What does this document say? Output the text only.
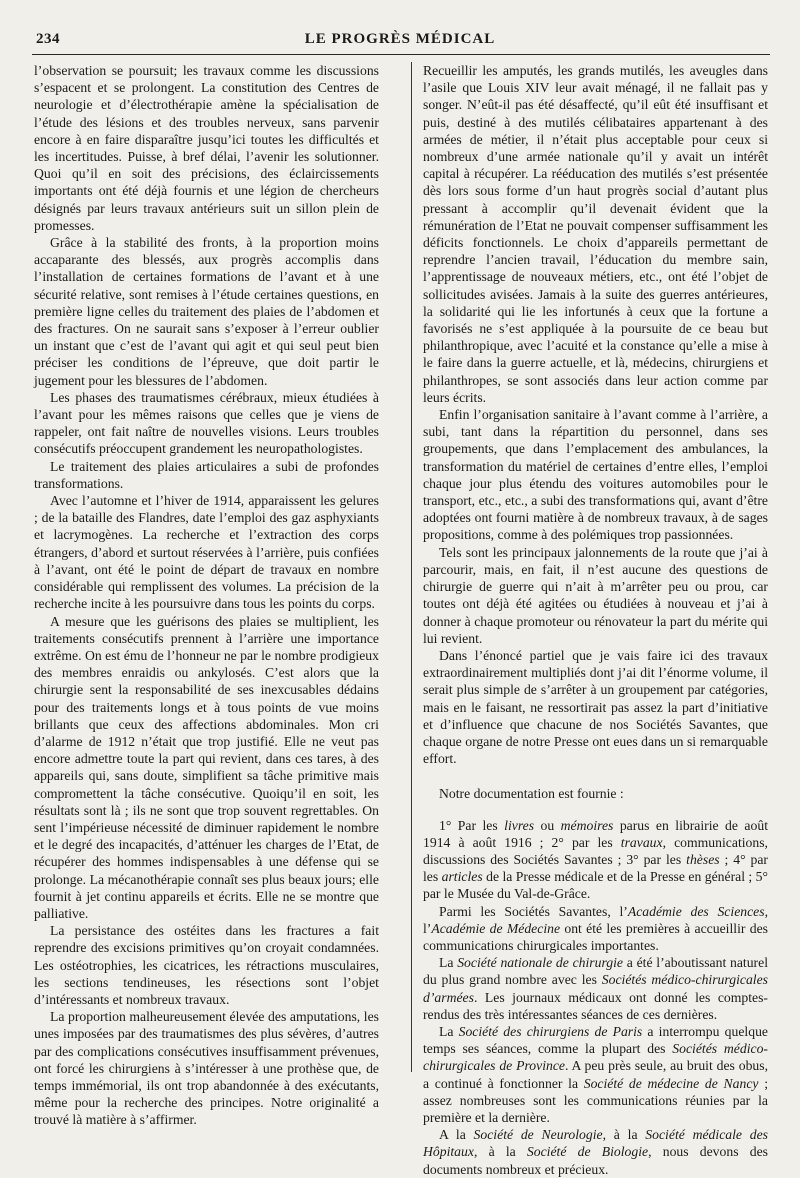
234	LE PROGRÈS MÉDICAL

l’observation se poursuit; les travaux comme les discussions s’espacent et se prolongent. La constitution des Centres de neurologie et d’électrothérapie amène la spécialisation de l’étude des lésions et des troubles nerveux, sans parvenir encore à en faire disparaître jusqu’ici toutes les difficultés et les incertitudes. Puisse, à bref délai, l’avenir les solutionner. Quoi qu’il en soit des précisions, des éclaircissements importants ont été déjà fournis et une légion de chercheurs désignés par leurs travaux antérieurs suit un sillon plein de promesses.

Grâce à la stabilité des fronts, à la proportion moins accaparante des blessés, aux progrès accomplis dans l’installation de certaines formations de l’avant et à une sécurité relative, sont remises à l’étude certaines questions, en première ligne celles du traitement des plaies de l’abdomen et des fractures. On ne saurait sans s’exposer à l’erreur oublier un instant que c’est de l’avant qui agit et qui seul peut bien préciser les conditions de l’épreuve, que doit partir le jugement pour les blessures de l’abdomen.

Les phases des traumatismes cérébraux, mieux étudiées à l’avant pour les mêmes raisons que celles que je viens de rappeler, ont fait naître de nouvelles visions. Leurs troubles consécutifs préoccupent grandement les neuropathologistes.

Le traitement des plaies articulaires a subi de profondes transformations.

Avec l’automne et l’hiver de 1914, apparaissent les gelures ; de la bataille des Flandres, date l’emploi des gaz asphyxiants et lacrymogènes. La recherche et l’extraction des corps étrangers, d’abord et surtout réservées à l’arrière, puis confiées à l’avant, ont été le point de départ de travaux en nombre considérable qui remplissent des volumes. La précision de la recherche incite à les poursuivre dans tous les points du corps.

A mesure que les guérisons des plaies se multiplient, les traitements consécutifs prennent à l’arrière une importance extrême. On est ému de l’honneur ne par le nombre prodigieux des membres enraidis ou ankylosés. C’est alors que la chirurgie sent la responsabilité de ses inexcusables dédains pour des traitements longs et à tous points de vue moins brillants que ceux des affections abdominales. Mon cri d’alarme de 1912 n’était que trop justifié. Elle ne veut pas encore admettre toute la part qui revient, dans ces tares, à des appareils qui, sans doute, simplifient sa tâche primitive mais compromettent la tâche consécutive. Quoiqu’il en soit, les résultats sont là ; ils ne sont que trop souvent regrettables. On sent l’impérieuse nécessité de diminuer rapidement le nombre et le degré des incapacités, d’atténuer les charges de l’Etat, de récupérer des hommes indispensables à une défense qui se prolonge. La mécanothérapie connaît ses plus beaux jours; elle fournit à jet continu appareils et écrits. Elle ne se montre que palliative.

La persistance des ostéites dans les fractures a fait reprendre des excisions primitives qu’on croyait condamnées. Les ostéotrophies, les cicatrices, les rétractions musculaires, les sections tendineuses, les résections sont l’objet d’intéressants et nombreux travaux.

La proportion malheureusement élevée des amputations, les unes imposées par des traumatismes des plus sévères, d’autres par des complications consécutives insuffisamment prévenues, ont forcé les chirurgiens à s’intéresser à une prothèse que, de temps immémorial, ils ont trop abandonnée à des exécutants, même pour la recherche des principes. Notre originalité a trouvé là matière à s’affirmer.

Recueillir les amputés, les grands mutilés, les aveugles dans l’asile que Louis XIV leur avait ménagé, il ne fallait pas y songer. N’eût-il pas été désaffecté, qu’il eût été insuffisant et puis, destiné à des mutilés célibataires appartenant à des armées de métier, il n’était plus acceptable pour ceux si nombreux d’une armée nationale qu’il y avait un intérêt capital à récupérer. La rééducation des mutilés s’est présentée dès lors sous forme d’un haut progrès social d’autant plus pressant à accomplir qu’il devenait évident que la rémunération de l’Etat ne pouvait compenser suffisamment les déficits fonctionnels. Le choix d’appareils permettant de reprendre l’ancien travail, l’éducation du membre sain, l’apprentissage de nouveaux métiers, etc., ont été l’objet de sollicitudes avisées. Jamais à la suite des guerres antérieures, la solidarité qui lie les infortunés à ceux que la fortune a favorisés ne s’est appliquée à la poursuite de ce beau but philanthropique, avec l’acuité et la constance qu’elle a mise à le faire dans la guerre actuelle, et là, médecins, chirurgiens et philanthropes, se sont associés dans leur action comme par leurs écrits.

Enfin l’organisation sanitaire à l’avant comme à l’arrière, a subi, tant dans la répartition du personnel, dans ses groupements, que dans l’emplacement des ambulances, la transformation du matériel de certaines d’entre elles, l’emploi chaque jour plus étendu des voitures automobiles pour le transport, etc., etc., a subi des transformations qui, avant d’être adoptées ont fourni matière à de nombreux travaux, à de sages propositions, comme à des polémiques trop passionnées.

Tels sont les principaux jalonnements de la route que j’ai à parcourir, mais, en fait, il n’est aucune des questions de chirurgie de guerre qui n’ait à m’arrêter peu ou prou, car toutes ont déjà été agitées ou étudiées à nouveau et j’ai à donner à chaque promoteur ou rénovateur la part du mérite qui lui revient.

Dans l’énoncé partiel que je vais faire ici des travaux extraordinairement multipliés dont j’ai dit l’énorme volume, il serait plus simple de s’arrêter à un groupement par catégories, mais en le faisant, ne ressortirait pas assez la part d’initiative et d’influence que chacune de nos Sociétés Savantes, que chaque organe de notre Presse ont eues dans un si remarquable effort.

Notre documentation est fournie :

1° Par les livres ou mémoires parus en librairie de août 1914 à août 1916 ; 2° par les travaux, communications, discussions des Sociétés Savantes ; 3° par les thèses ; 4° par les articles de la Presse médicale et de la Presse en général ; 5° par le Musée du Val-de-Grâce.

Parmi les Sociétés Savantes, l’Académie des Sciences, l’Académie de Médecine ont été les premières à accueillir des communications chirurgicales importantes.

La Société nationale de chirurgie a été l’aboutissant naturel du plus grand nombre avec les Sociétés médico-chirurgicales d’armées. Les journaux médicaux ont donné les comptes-rendus des très intéressantes séances de ces dernières.

La Société des chirurgiens de Paris a interrompu quelque temps ses séances, comme la plupart des Sociétés médico-chirurgicales de Province. A peu près seule, au bruit des obus, a continué à fonctionner la Société de médecine de Nancy ; assez nombreuses sont les communications réunies par la première et la dernière.

A la Société de Neurologie, à la Société médicale des Hôpitaux, à la Société de Biologie, nous devons des documents nombreux et précieux.
